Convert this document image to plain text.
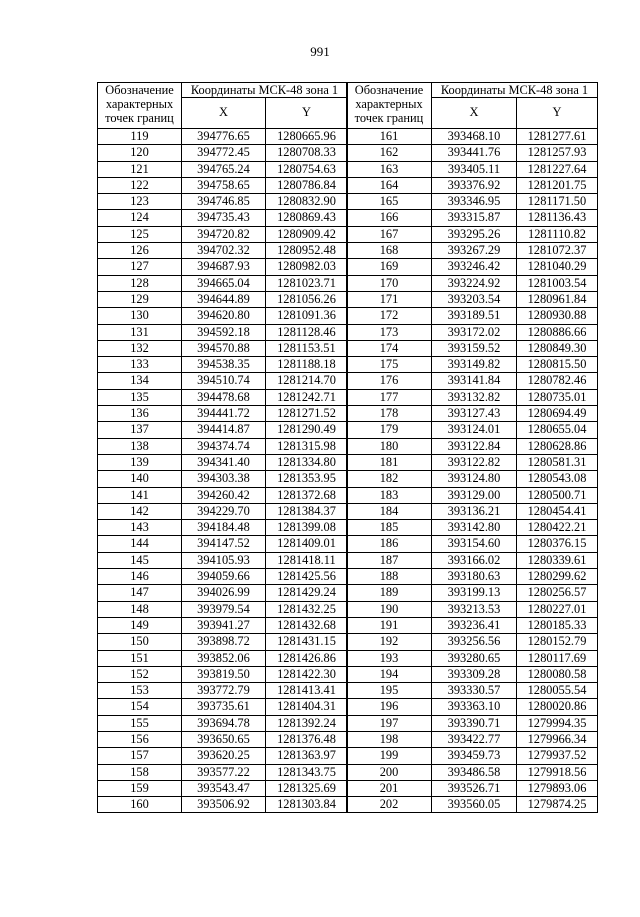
991
Обозначение характерных точек границ	Координаты МСК-48 зона 1	
	X	Y
119	394776.65	1280665.96
120	394772.45	1280708.33
121	394765.24	1280754.63
122	394758.65	1280786.84
123	394746.85	1280832.90
124	394735.43	1280869.43
125	394720.82	1280909.42
126	394702.32	1280952.48
127	394687.93	1280982.03
128	394665.04	1281023.71
129	394644.89	1281056.26
130	394620.80	1281091.36
131	394592.18	1281128.46
132	394570.88	1281153.51
133	394538.35	1281188.18
134	394510.74	1281214.70
135	394478.68	1281242.71
136	394441.72	1281271.52
137	394414.87	1281290.49
138	394374.74	1281315.98
139	394341.40	1281334.80
140	394303.38	1281353.95
141	394260.42	1281372.68
142	394229.70	1281384.37
143	394184.48	1281399.08
144	394147.52	1281409.01
145	394105.93	1281418.11
146	394059.66	1281425.56
147	394026.99	1281429.24
148	393979.54	1281432.25
149	393941.27	1281432.68
150	393898.72	1281431.15
151	393852.06	1281426.86
152	393819.50	1281422.30
153	393772.79	1281413.41
154	393735.61	1281404.31
155	393694.78	1281392.24
156	393650.65	1281376.48
157	393620.25	1281363.97
158	393577.22	1281343.75
159	393543.47	1281325.69
160	393506.92	1281303.84
Обозначение характерных точек границ	Координаты МСК-48 зона 1	
	X	Y
161	393468.10	1281277.61
162	393441.76	1281257.93
163	393405.11	1281227.64
164	393376.92	1281201.75
165	393346.95	1281171.50
166	393315.87	1281136.43
167	393295.26	1281110.82
168	393267.29	1281072.37
169	393246.42	1281040.29
170	393224.92	1281003.54
171	393203.54	1280961.84
172	393189.51	1280930.88
173	393172.02	1280886.66
174	393159.52	1280849.30
175	393149.82	1280815.50
176	393141.84	1280782.46
177	393132.82	1280735.01
178	393127.43	1280694.49
179	393124.01	1280655.04
180	393122.84	1280628.86
181	393122.82	1280581.31
182	393124.80	1280543.08
183	393129.00	1280500.71
184	393136.21	1280454.41
185	393142.80	1280422.21
186	393154.60	1280376.15
187	393166.02	1280339.61
188	393180.63	1280299.62
189	393199.13	1280256.57
190	393213.53	1280227.01
191	393236.41	1280185.33
192	393256.56	1280152.79
193	393280.65	1280117.69
194	393309.28	1280080.58
195	393330.57	1280055.54
196	393363.10	1280020.86
197	393390.71	1279994.35
198	393422.77	1279966.34
199	393459.73	1279937.52
200	393486.58	1279918.56
201	393526.71	1279893.06
202	393560.05	1279874.25
